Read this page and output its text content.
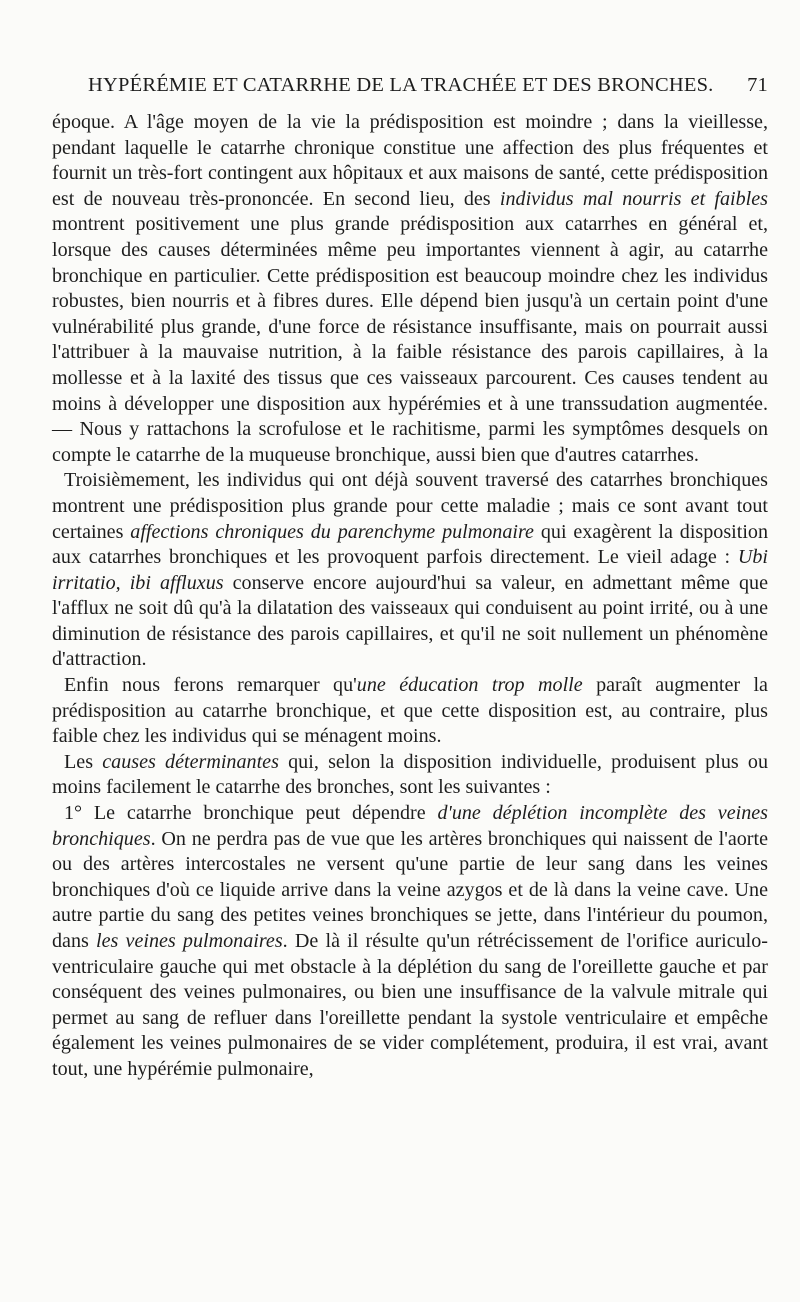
HYPÉRÉMIE ET CATARRHE DE LA TRACHÉE ET DES BRONCHES. 71

époque. A l'âge moyen de la vie la prédisposition est moindre ; dans la vieillesse, pendant laquelle le catarrhe chronique constitue une affection des plus fréquentes et fournit un très-fort contingent aux hôpitaux et aux maisons de santé, cette prédisposition est de nouveau très-prononcée. En second lieu, des individus mal nourris et faibles montrent positivement une plus grande prédisposition aux catarrhes en général et, lorsque des causes déterminées même peu importantes viennent à agir, au catarrhe bronchique en particulier. Cette prédisposition est beaucoup moindre chez les individus robustes, bien nourris et à fibres dures. Elle dépend bien jusqu'à un certain point d'une vulnérabilité plus grande, d'une force de résistance insuffisante, mais on pourrait aussi l'attribuer à la mauvaise nutrition, à la faible résistance des parois capillaires, à la mollesse et à la laxité des tissus que ces vaisseaux parcourent. Ces causes tendent au moins à développer une disposition aux hypérémies et à une transsudation augmentée. — Nous y rattachons la scrofulose et le rachitisme, parmi les symptômes desquels on compte le catarrhe de la muqueuse bronchique, aussi bien que d'autres catarrhes.

Troisièmement, les individus qui ont déjà souvent traversé des catarrhes bronchiques montrent une prédisposition plus grande pour cette maladie ; mais ce sont avant tout certaines affections chroniques du parenchyme pulmonaire qui exagèrent la disposition aux catarrhes bronchiques et les provoquent parfois directement. Le vieil adage : Ubi irritatio, ibi affluxus conserve encore aujourd'hui sa valeur, en admettant même que l'afflux ne soit dû qu'à la dilatation des vaisseaux qui conduisent au point irrité, ou à une diminution de résistance des parois capillaires, et qu'il ne soit nullement un phénomène d'attraction.

Enfin nous ferons remarquer qu'une éducation trop molle paraît augmenter la prédisposition au catarrhe bronchique, et que cette disposition est, au contraire, plus faible chez les individus qui se ménagent moins.

Les causes déterminantes qui, selon la disposition individuelle, produisent plus ou moins facilement le catarrhe des bronches, sont les suivantes :

1° Le catarrhe bronchique peut dépendre d'une déplétion incomplète des veines bronchiques. On ne perdra pas de vue que les artères bronchiques qui naissent de l'aorte ou des artères intercostales ne versent qu'une partie de leur sang dans les veines bronchiques d'où ce liquide arrive dans la veine azygos et de là dans la veine cave. Une autre partie du sang des petites veines bronchiques se jette, dans l'intérieur du poumon, dans les veines pulmonaires. De là il résulte qu'un rétrécissement de l'orifice auriculo-ventriculaire gauche qui met obstacle à la déplétion du sang de l'oreillette gauche et par conséquent des veines pulmonaires, ou bien une insuffisance de la valvule mitrale qui permet au sang de refluer dans l'oreillette pendant la systole ventriculaire et empêche également les veines pulmonaires de se vider complétement, produira, il est vrai, avant tout, une hypérémie pulmonaire,
